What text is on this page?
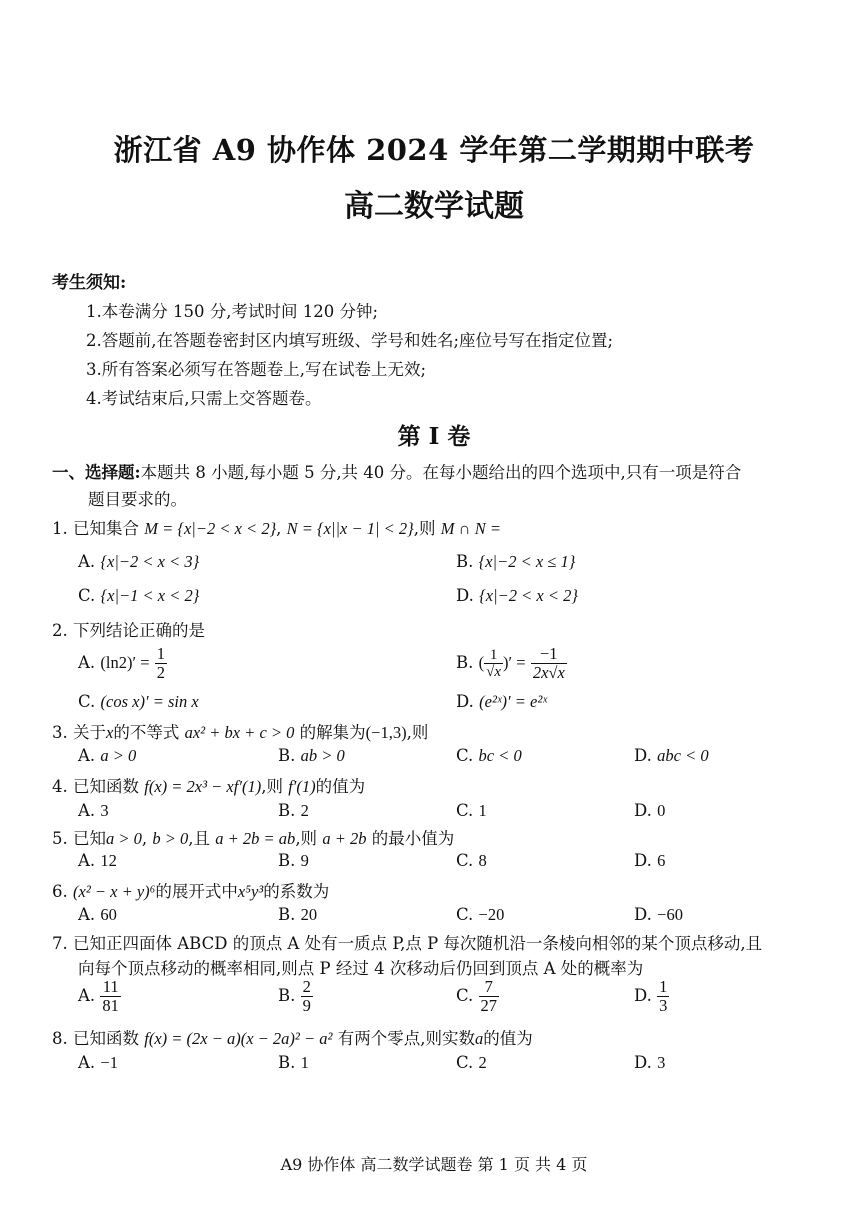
浙江省 A9 协作体 2024 学年第二学期期中联考
高二数学试题
考生须知:
1.本卷满分 150 分,考试时间 120 分钟;
2.答题前,在答题卷密封区内填写班级、学号和姓名;座位号写在指定位置;
3.所有答案必须写在答题卷上,写在试卷上无效;
4.考试结束后,只需上交答题卷。
第 I 卷
一、选择题:本题共 8 小题,每小题 5 分,共 40 分。在每小题给出的四个选项中,只有一项是符合
题目要求的。
1. 已知集合 M = {x|−2 < x < 2}, N = {x||x − 1| < 2},则 M ∩ N =
A. {x|−2 < x < 3}	B. {x|−2 < x ≤ 1}
C. {x|−1 < x < 2}	D. {x|−2 < x < 2}
2. 下列结论正确的是
A. $(\ln 2)' = \frac{1}{2}$	B. ( $\frac{1}{√x}$ )′ = $\frac{-1}{2x√x}$
C. (cos x)′ = sin x	D. (e²ˣ)′ = e²ˣ
3. 关于x的不等式 ax² + bx + c > 0 的解集为(−1,3),则
A. a > 0	B. ab > 0	C. bc < 0	D. abc < 0
4. 已知函数 f(x) = 2x³ − xf′(1),则 f′(1)的值为
A. 3	B. 2	C. 1	D. 0
5. 已知a > 0, b > 0,且 a + 2b = ab,则 a + 2b 的最小值为
A. 12	B. 9	C. 8	D. 6
6. (x² − x + y)⁶的展开式中x⁵y³的系数为
A. 60	B. 20	C. −20	D. −60
7. 已知正四面体 ABCD 的顶点 A 处有一质点 P,点 P 每次随机沿一条棱向相邻的某个顶点移动,且
向每个顶点移动的概率相同,则点 P 经过 4 次移动后仍回到顶点 A 处的概率为
A. $\frac{11}{81}$	B. $\frac{2}{9}$	C. $\frac{7}{27}$	D. $\frac{1}{3}$
8. 已知函数 f(x) = (2x − a)(x − 2a)² − a² 有两个零点,则实数a的值为
A. −1	B. 1	C. 2	D. 3
A9 协作体 高二数学试题卷 第 1 页 共 4 页
